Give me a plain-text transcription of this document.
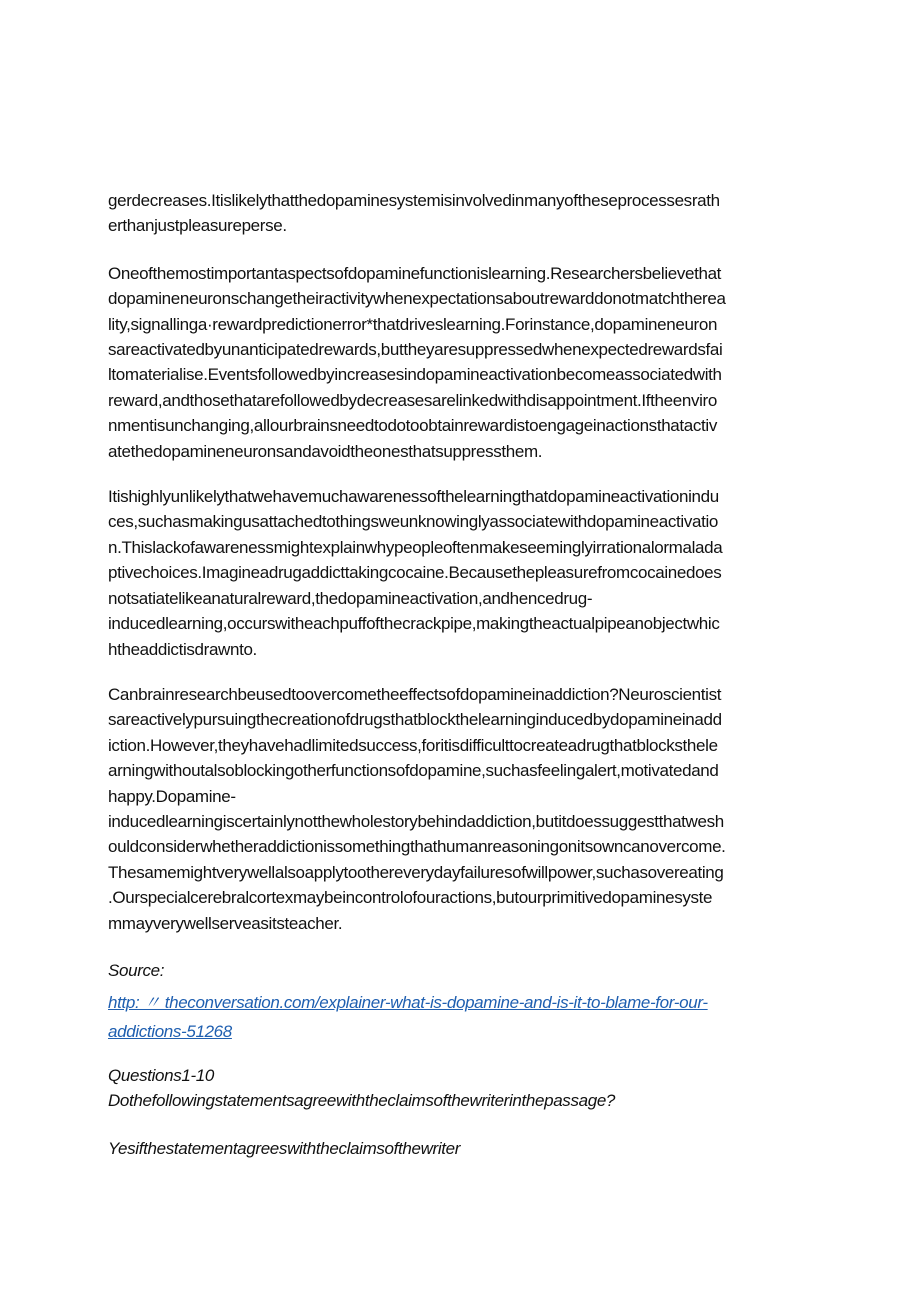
gerdecreases.Itislikelythatthedopaminesystemisinvolvedinmanyoftheseprocessesrath
erthanjustpleasureperse.

Oneofthemostimportantaspectsofdopaminefunctionislearning.Researchersbelievethat
dopamineneuronschangetheiractivitywhenexpectationsaboutrewarddonotmatchtherea
lity,signallinga·rewardpredictionerror*thatdriveslearning.Forinstance,dopamineneuron
sareactivatedbyunanticipatedrewards,buttheyaresuppressedwhenexpectedrewardsfai
ltomaterialise.Eventsfollowedbyincreasesindopamineactivationbecomeassociatedwith
reward,andthosethatarefollowedbydecreasesarelinkedwithdisappointment.Iftheenviro
nmentisunchanging,allourbrainsneedtodotoobtainrewardistoengageinactionsthatactiv
atethedopamineneuronsandavoidtheonesthatsuppressthem.

Itishighlyunlikelythatwehavemuchawarenessofthelearningthatdopamineactivationindu
ces,suchasmakingusattachedtothingsweunknowinglyassociatewithdopamineactivatio
n.Thislackofawarenessmightexplainwhypeopleoftenmakeseeminglyirrationalormalada
ptivechoices.Imagineadrugaddicttakingcocaine.Becausethepleasurefromcocainedoes
notsatiatelikeanaturalreward,thedopamineactivation,andhencedrug-
inducedlearning,occurswitheachpuffofthecrackpipe,makingtheactualpipeanobjectwhic
htheaddictisdrawnto.

Canbrainresearchbeusedtoovercometheeffectsofdopamineinaddiction?Neuroscientist
sareactivelypursuingthecreationofdrugsthatblockthelearninginducedbydopamineinadd
iction.However,theyhavehadlimitedsuccess,foritisdifficulttocreateadrugthatblocksthele
arningwithoutalsoblockingotherfunctionsofdopamine,suchasfeelingalert,motivatedand
happy.Dopamine-
inducedlearningiscertainlynotthewholestorybehindaddiction,butitdoessuggestthatwesh
ouldconsiderwhetheraddictionissomethingthathumanreasoningonitsowncanovercome.
Thesamemightverywellalsoapplytoothereverydayfailuresofwillpower,suchasovereating
.Ourspecialcerebralcortexmaybeincontrolofouractions,butourprimitivedopaminesyste
mmayverywellserveasitsteacher.

Source:

http: 〃 theconversation.com/explainer-what-is-dopamine-and-is-it-to-blame-for-our-
addictions-51268

Questions1-10

Dothefollowingstatementsagreewiththeclaimsofthewriterinthepassage?

Yesifthestatementagreeswiththeclaimsofthewriter
